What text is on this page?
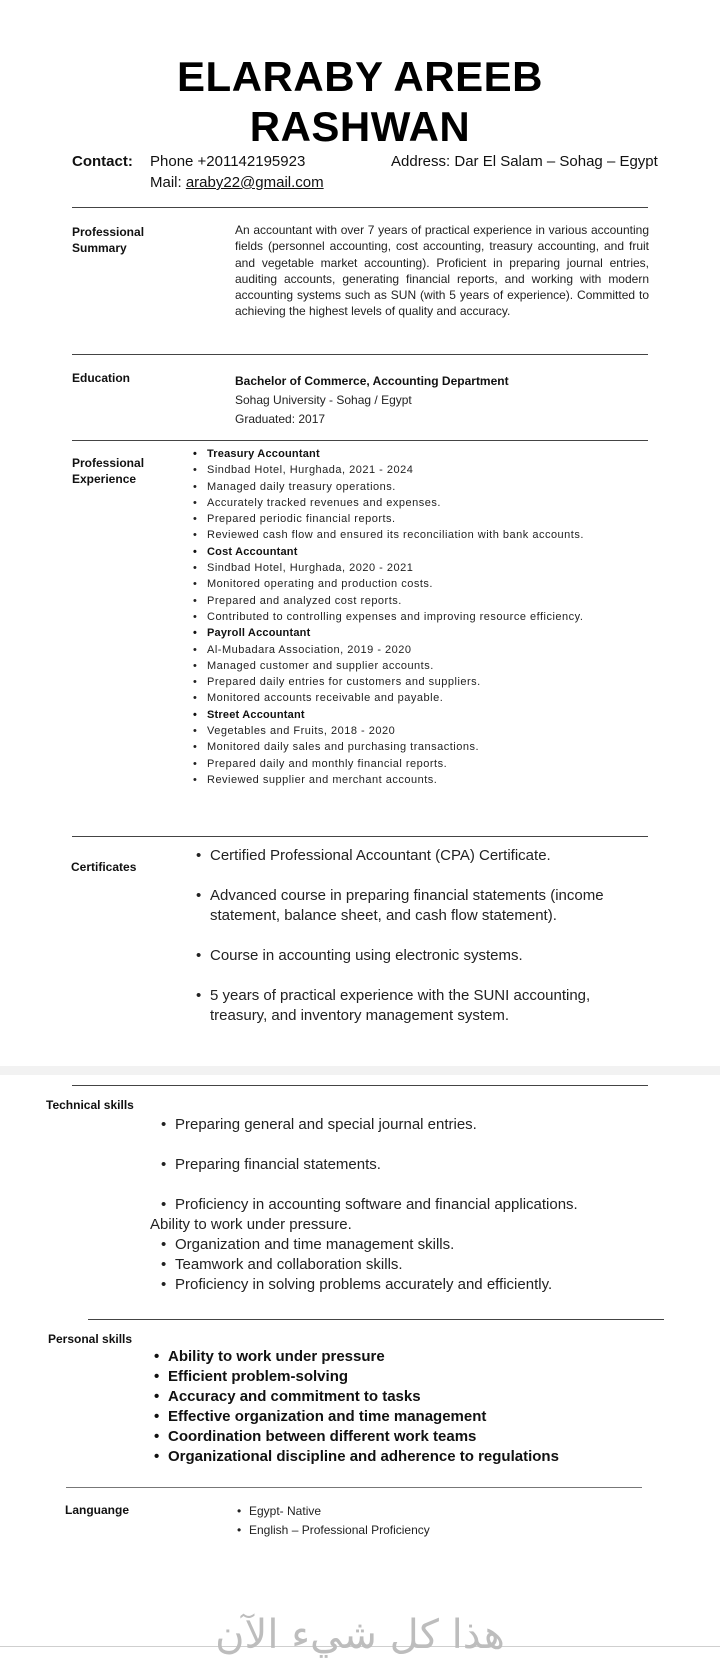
ELARABY AREEB
RASHWAN
Contact: Phone +201142195923	Address: Dar El Salam – Sohag – Egypt
Mail: araby22@gmail.com
Professional
Summary
An accountant with over 7 years of practical experience in various accounting fields (personnel accounting, cost accounting, treasury accounting, and fruit and vegetable market accounting). Proficient in preparing journal entries, auditing accounts, generating financial reports, and working with modern accounting systems such as SUN (with 5 years of experience). Committed to achieving the highest levels of quality and accuracy.
Education	Bachelor of Commerce, Accounting Department
Sohag University - Sohag / Egypt
Graduated: 2017
Professional
Experience
• Treasury Accountant
• Sindbad Hotel, Hurghada, 2021 - 2024
• Managed daily treasury operations.
• Accurately tracked revenues and expenses.
• Prepared periodic financial reports.
• Reviewed cash flow and ensured its reconciliation with bank accounts.
• Cost Accountant
• Sindbad Hotel, Hurghada, 2020 - 2021
• Monitored operating and production costs.
• Prepared and analyzed cost reports.
• Contributed to controlling expenses and improving resource efficiency.
• Payroll Accountant
• Al-Mubadara Association, 2019 - 2020
• Managed customer and supplier accounts.
• Prepared daily entries for customers and suppliers.
• Monitored accounts receivable and payable.
• Street Accountant
• Vegetables and Fruits, 2018 - 2020
• Monitored daily sales and purchasing transactions.
• Prepared daily and monthly financial reports.
• Reviewed supplier and merchant accounts.
Certificates
• Certified Professional Accountant (CPA) Certificate.
• Advanced course in preparing financial statements (income statement, balance sheet, and cash flow statement).
• Course in accounting using electronic systems.
• 5 years of practical experience with the SUNI accounting, treasury, and inventory management system.
Technical skills
• Preparing general and special journal entries.
• Preparing financial statements.
• Proficiency in accounting software and financial applications.
Ability to work under pressure.
• Organization and time management skills.
• Teamwork and collaboration skills.
• Proficiency in solving problems accurately and efficiently.
Personal skills
• Ability to work under pressure
• Efficient problem-solving
• Accuracy and commitment to tasks
• Effective organization and time management
• Coordination between different work teams
• Organizational discipline and adherence to regulations
Languange	• Egypt- Native
• English – Professional Proficiency
هذا كل شيء الآن
